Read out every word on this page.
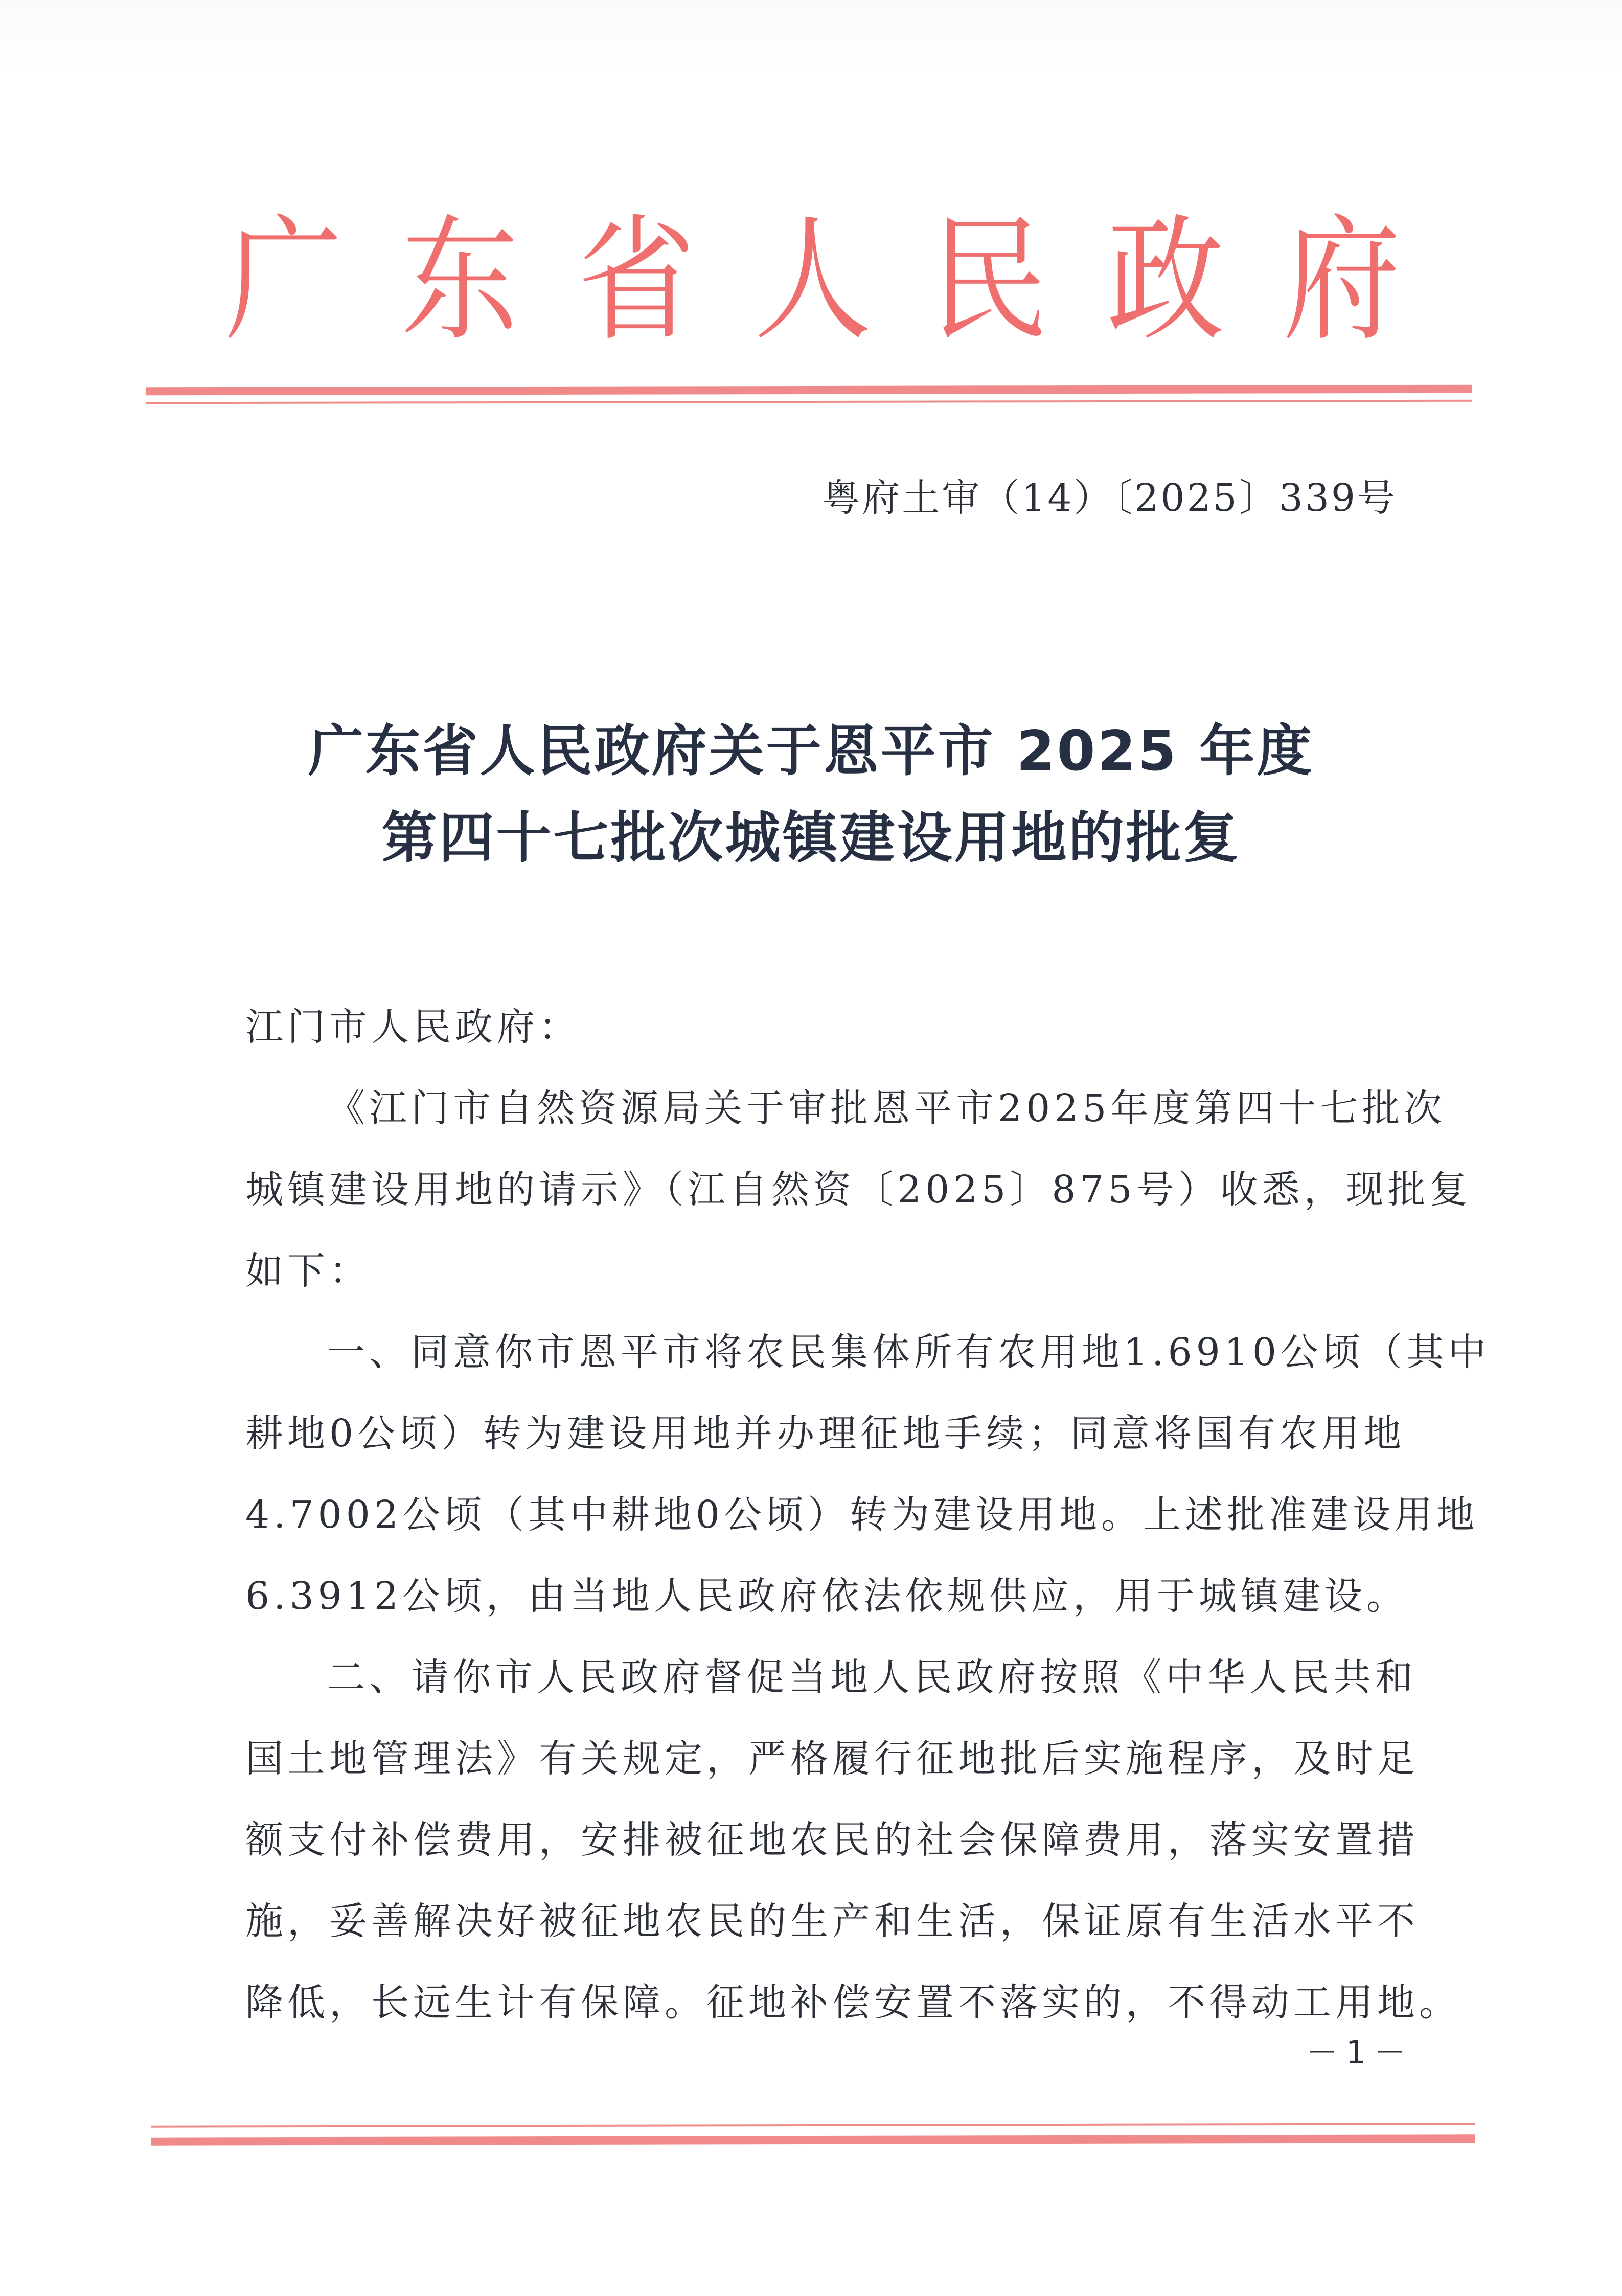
广 东 省 人 民 政 府
粤府土审（14）〔2025〕339号
广东省人民政府关于恩平市 2025 年度
第四十七批次城镇建设用地的批复

江门市人民政府：

《江门市自然资源局关于审批恩平市2025年度第四十七批次
城镇建设用地的请示》（江自然资〔2025〕875号）收悉，现批复
如下：

一、同意你市恩平市将农民集体所有农用地1.6910公顷（其中
耕地0公顷）转为建设用地并办理征地手续；同意将国有农用地
4.7002公顷（其中耕地0公顷）转为建设用地。上述批准建设用地
6.3912公顷，由当地人民政府依法依规供应，用于城镇建设。

二、请你市人民政府督促当地人民政府按照《中华人民共和
国土地管理法》有关规定，严格履行征地批后实施程序，及时足
额支付补偿费用，安排被征地农民的社会保障费用，落实安置措
施，妥善解决好被征地农民的生产和生活，保证原有生活水平不
降低，长远生计有保障。征地补偿安置不落实的，不得动工用地。

－1－
